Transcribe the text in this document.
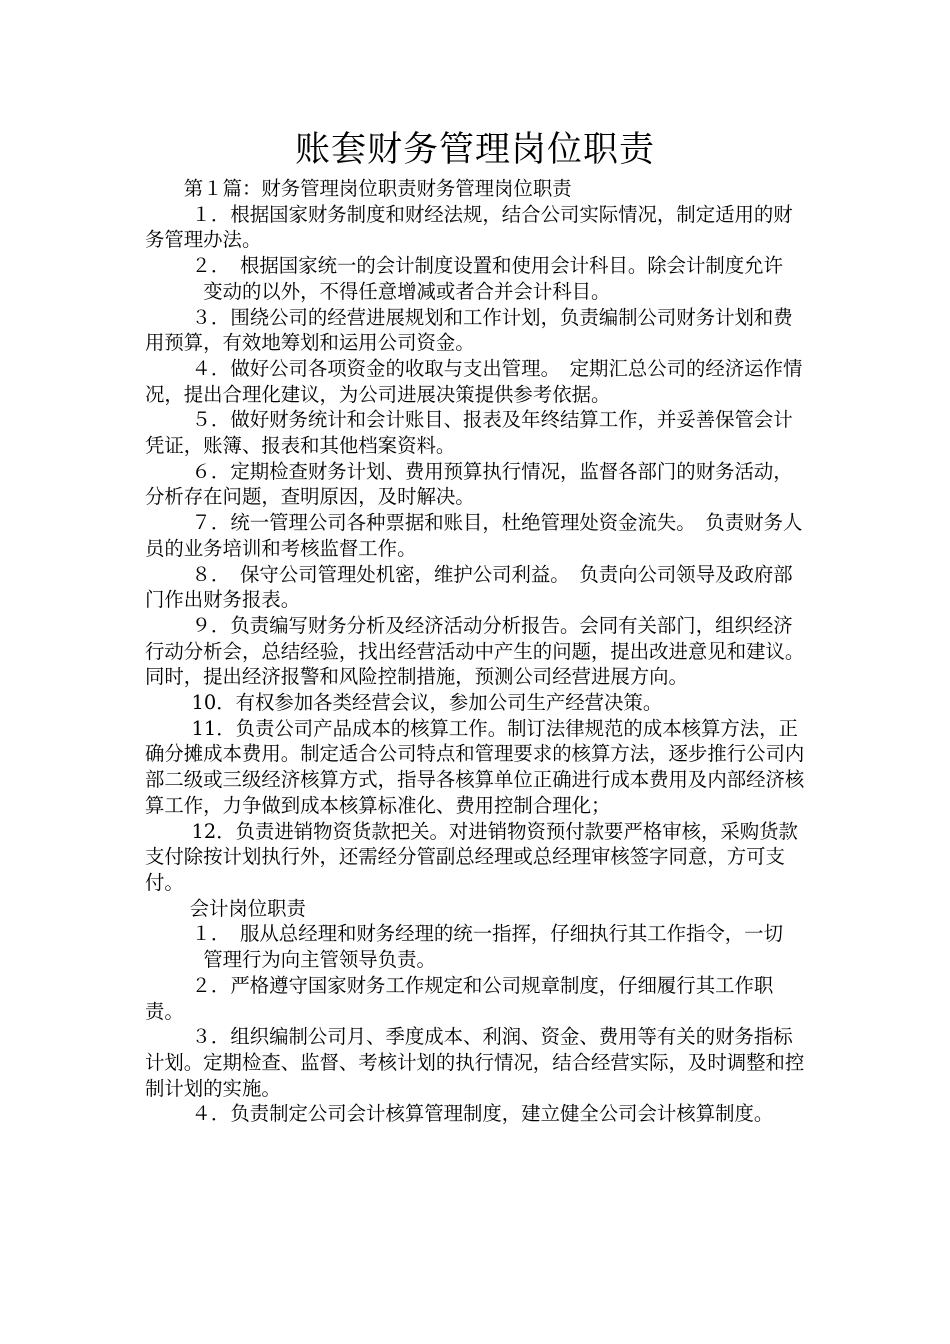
账套财务管理岗位职责

第１篇：财务管理岗位职责财务管理岗位职责

１．根据国家财务制度和财经法规，结合公司实际情况，制定适用的财务管理办法。

２．　根据国家统一的会计制度设置和使用会计科目。除会计制度允许

变动的以外，不得任意增减或者合并会计科目。

３．围绕公司的经营进展规划和工作计划，负责编制公司财务计划和费用预算，有效地筹划和运用公司资金。

４．做好公司各项资金的收取与支出管理。　定期汇总公司的经济运作情况，提出合理化建议，为公司进展决策提供参考依据。

５．做好财务统计和会计账目、报表及年终结算工作，并妥善保管会计凭证，账簿、报表和其他档案资料。

６．定期检查财务计划、费用预算执行情况，监督各部门的财务活动，分析存在问题，查明原因，及时解决。

７．统一管理公司各种票据和账目，杜绝管理处资金流失。　负责财务人员的业务培训和考核监督工作。

８．　保守公司管理处机密，维护公司利益。　负责向公司领导及政府部门作出财务报表。

９．负责编写财务分析及经济活动分析报告。会同有关部门，组织经济行动分析会，总结经验，找出经营活动中产生的问题，提出改进意见和建议。同时，提出经济报警和风险控制措施，预测公司经营进展方向。

10．有权参加各类经营会议，参加公司生产经营决策。

11．负责公司产品成本的核算工作。制订法律规范的成本核算方法，正确分摊成本费用。制定适合公司特点和管理要求的核算方法，逐步推行公司内部二级或三级经济核算方式，指导各核算单位正确进行成本费用及内部经济核算工作，力争做到成本核算标准化、费用控制合理化；

12．负责进销物资货款把关。对进销物资预付款要严格审核，采购货款支付除按计划执行外，还需经分管副总经理或总经理审核签字同意，方可支付。

会计岗位职责

１．　服从总经理和财务经理的统一指挥，仔细执行其工作指令，一切

管理行为向主管领导负责。

２．严格遵守国家财务工作规定和公司规章制度，仔细履行其工作职责。

３．组织编制公司月、季度成本、利润、资金、费用等有关的财务指标计划。定期检查、监督、考核计划的执行情况，结合经营实际，及时调整和控制计划的实施。

４．负责制定公司会计核算管理制度，建立健全公司会计核算制度。
